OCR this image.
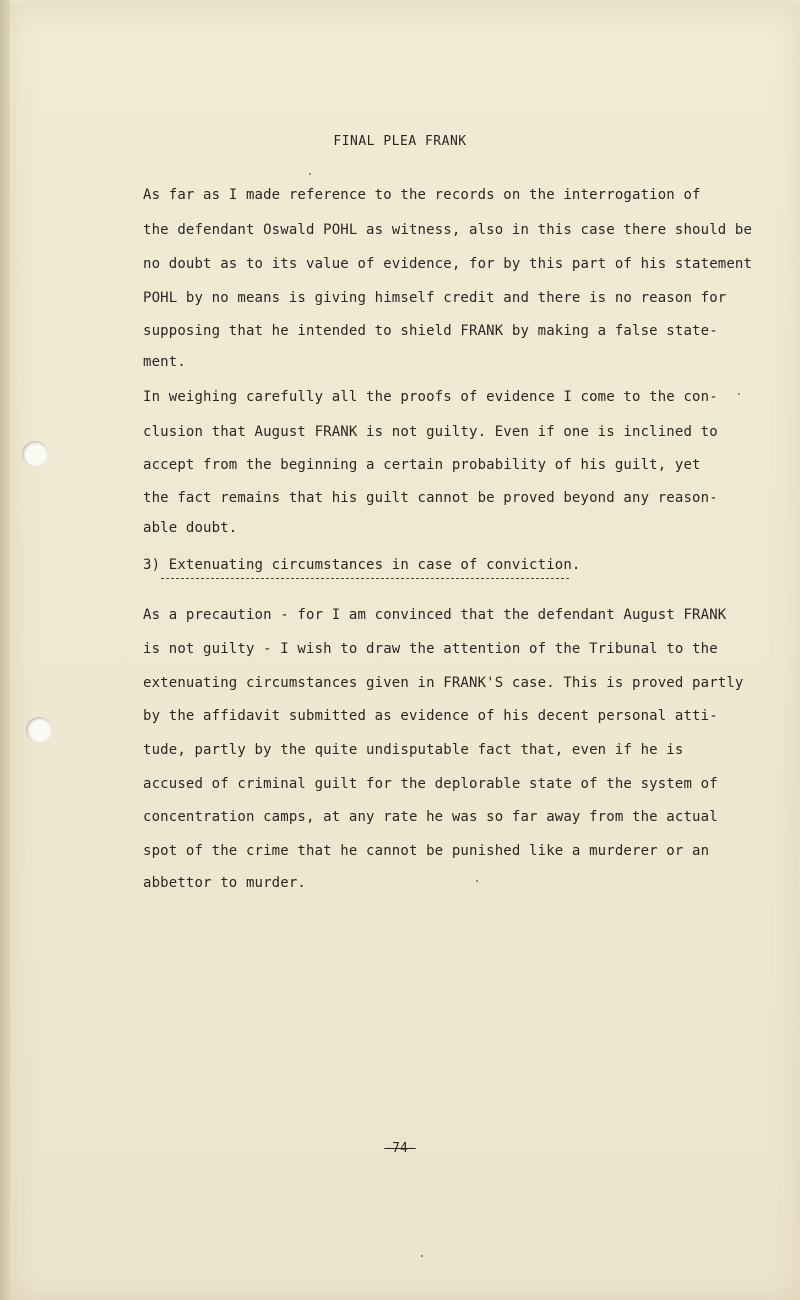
FINAL PLEA FRANK
As far as I made reference to the records on the interrogation of
the defendant Oswald POHL as witness, also in this case there should be
no doubt as to its value of evidence, for by this part of his statement
POHL by no means is giving himself credit and there is no reason for
supposing that he intended to shield FRANK by making a false state-
ment.
In weighing carefully all the proofs of evidence I come to the con-
clusion that August FRANK is not guilty. Even if one is inclined to
accept from the beginning a certain probability of his guilt, yet
the fact remains that his guilt cannot be proved beyond any reason-
able doubt.
3) Extenuating circumstances in case of conviction.
As a precaution - for I am convinced that the defendant August FRANK
is not guilty - I wish to draw the attention of the Tribunal to the
extenuating circumstances given in FRANK'S case. This is proved partly
by the affidavit submitted as evidence of his decent personal atti-
tude, partly by the quite undisputable fact that, even if he is
accused of criminal guilt for the deplorable state of the system of
concentration camps, at any rate he was so far away from the actual
spot of the crime that he cannot be punished like a murderer or an
abbettor to murder.
-74-
